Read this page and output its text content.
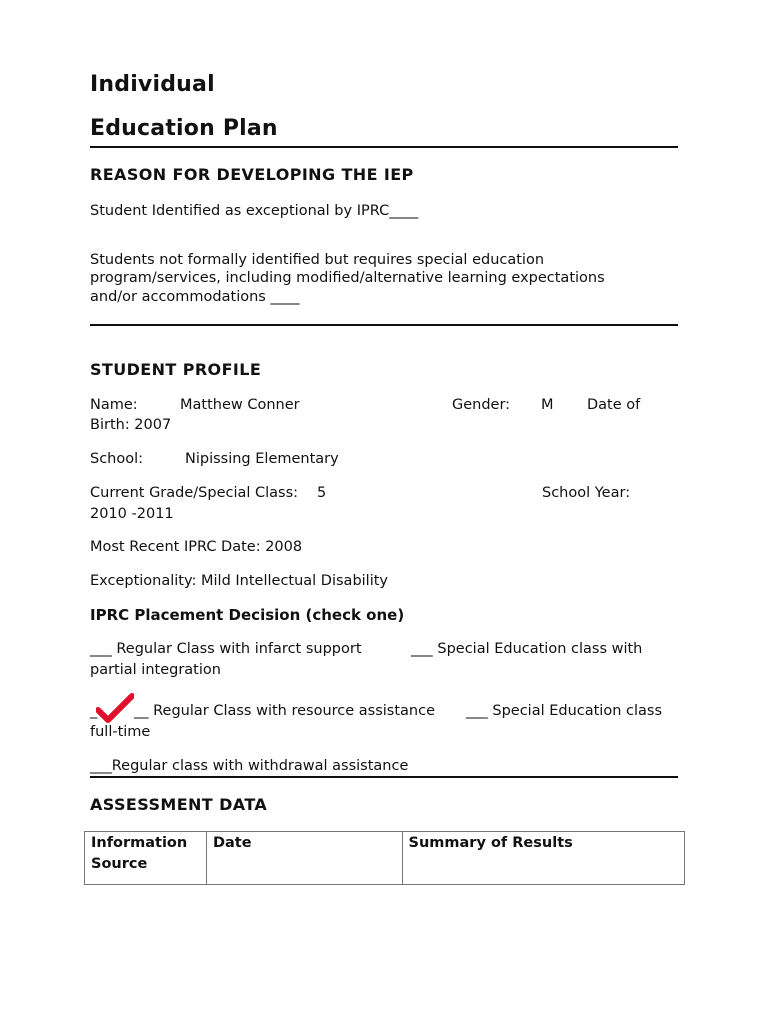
Individual
Education Plan
REASON FOR DEVELOPING THE IEP
Student Identified as exceptional by IPRC____
Students not formally identified but requires special education
program/services, including modified/alternative learning expectations
and/or accommodations ____
STUDENT PROFILE
Name:	Matthew Conner	Gender: M Date of
Birth: 2007
School:	Nipissing Elementary
Current Grade/Special Class: 5	School Year:
2010 -2011
Most Recent IPRC Date: 2008
Exceptionality: Mild Intellectual Disability
IPRC Placement Decision (check one)
___ Regular Class with infarct support	___ Special Education class with
partial integration
_	__ Regular Class with resource assistance ___ Special Education class
full-time
___Regular class with withdrawal assistance
ASSESSMENT DATA
Information
Source
	Date	Summary of Results
